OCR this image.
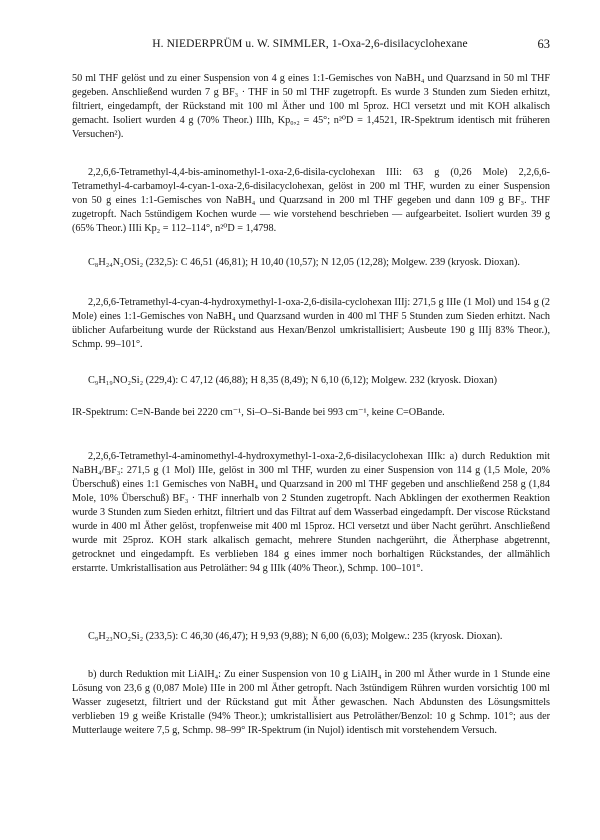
H. NIEDERPRÜM u. W. SIMMLER, 1-Oxa-2,6-disilacyclohexane	63

50 ml THF gelöst und zu einer Suspension von 4 g eines 1:1-Gemisches von NaBH₄ und Quarzsand in 50 ml THF gegeben. Anschließend wurden 7 g BF₃ · THF in 50 ml THF zugetropft. Es wurde 3 Stunden zum Sieden erhitzt, filtriert, eingedampft, der Rückstand mit 100 ml Äther und 100 ml 5proz. HCl versetzt und mit KOH alkalisch gemacht. Isoliert wurden 4 g (70% Theor.) IIIh, Kp₀,₂ = 45°; n²⁰D = 1,4521, IR-Spektrum identisch mit früheren Versuchen²).

2,2,6,6-Tetramethyl-4,4-bis-aminomethyl-1-oxa-2,6-disila-cyclohexan IIIi: 63 g (0,26 Mole) 2,2,6,6-Tetramethyl-4-carbamoyl-4-cyan-1-oxa-2,6-disilacyclohexan, gelöst in 200 ml THF, wurden zu einer Suspension von 50 g eines 1:1-Gemisches von NaBH₄ und Quarzsand in 200 ml THF gegeben und dann 109 g BF₃. THF zugetropft. Nach 5stündigem Kochen wurde — wie vorstehend beschrieben — aufgearbeitet. Isoliert wurden 39 g (65% Theor.) IIIi Kp₂ = 112–114°, n²⁰D = 1,4798.

C₈H₂₄N₂OSi₂ (232,5): C 46,51 (46,81); H 10,40 (10,57); N 12,05 (12,28); Molgew. 239 (kryosk. Dioxan).

2,2,6,6-Tetramethyl-4-cyan-4-hydroxymethyl-1-oxa-2,6-disila-cyclohexan IIIj: 271,5 g IIIe (1 Mol) und 154 g (2 Mole) eines 1:1-Gemisches von NaBH₄ und Quarzsand wurden in 400 ml THF 5 Stunden zum Sieden erhitzt. Nach üblicher Aufarbeitung wurde der Rückstand aus Hexan/Benzol umkristallisiert; Ausbeute 190 g IIIj 83% Theor.), Schmp. 99–101°.

C₉H₁₉NO₂Si₂ (229,4): C 47,12 (46,88); H 8,35 (8,49); N 6,10 (6,12); Molgew. 232 (kryosk. Dioxan)

IR-Spektrum: C≡N-Bande bei 2220 cm⁻¹, Si–O–Si-Bande bei 993 cm⁻¹, keine C=OBande.

2,2,6,6-Tetramethyl-4-aminomethyl-4-hydroxymethyl-1-oxa-2,6-disilacyclohexan IIIk: a) durch Reduktion mit NaBH₄/BF₃: 271,5 g (1 Mol) IIIe, gelöst in 300 ml THF, wurden zu einer Suspension von 114 g (1,5 Mole, 20% Überschuß) eines 1:1 Gemisches von NaBH₄ und Quarzsand in 200 ml THF gegeben und anschließend 258 g (1,84 Mole, 10% Überschuß) BF₃ · THF innerhalb von 2 Stunden zugetropft. Nach Abklingen der exothermen Reaktion wurde 3 Stunden zum Sieden erhitzt, filtriert und das Filtrat auf dem Wasserbad eingedampft. Der viscose Rückstand wurde in 400 ml Äther gelöst, tropfenweise mit 400 ml 15proz. HCl versetzt und über Nacht gerührt. Anschließend wurde mit 25proz. KOH stark alkalisch gemacht, mehrere Stunden nachgerührt, die Ätherphase abgetrennt, getrocknet und eingedampft. Es verblieben 184 g eines immer noch borhaltigen Rückstandes, der allmählich erstarrte. Umkristallisation aus Petroläther: 94 g IIIk (40% Theor.), Schmp. 100–101°.

C₉H₂₃NO₂Si₂ (233,5): C 46,30 (46,47); H 9,93 (9,88); N 6,00 (6,03); Molgew.: 235 (kryosk. Dioxan).

b) durch Reduktion mit LiAlH₄: Zu einer Suspension von 10 g LiAlH₄ in 200 ml Äther wurde in 1 Stunde eine Lösung von 23,6 g (0,087 Mole) IIIe in 200 ml Äther getropft. Nach 3stündigem Rühren wurden vorsichtig 100 ml Wasser zugesetzt, filtriert und der Rückstand gut mit Äther gewaschen. Nach Abdunsten des Lösungsmittels verblieben 19 g weiße Kristalle (94% Theor.); umkristallisiert aus Petroläther/Benzol: 10 g Schmp. 101°; aus der Mutterlauge weitere 7,5 g, Schmp. 98–99° IR-Spektrum (in Nujol) identisch mit vorstehendem Versuch.
